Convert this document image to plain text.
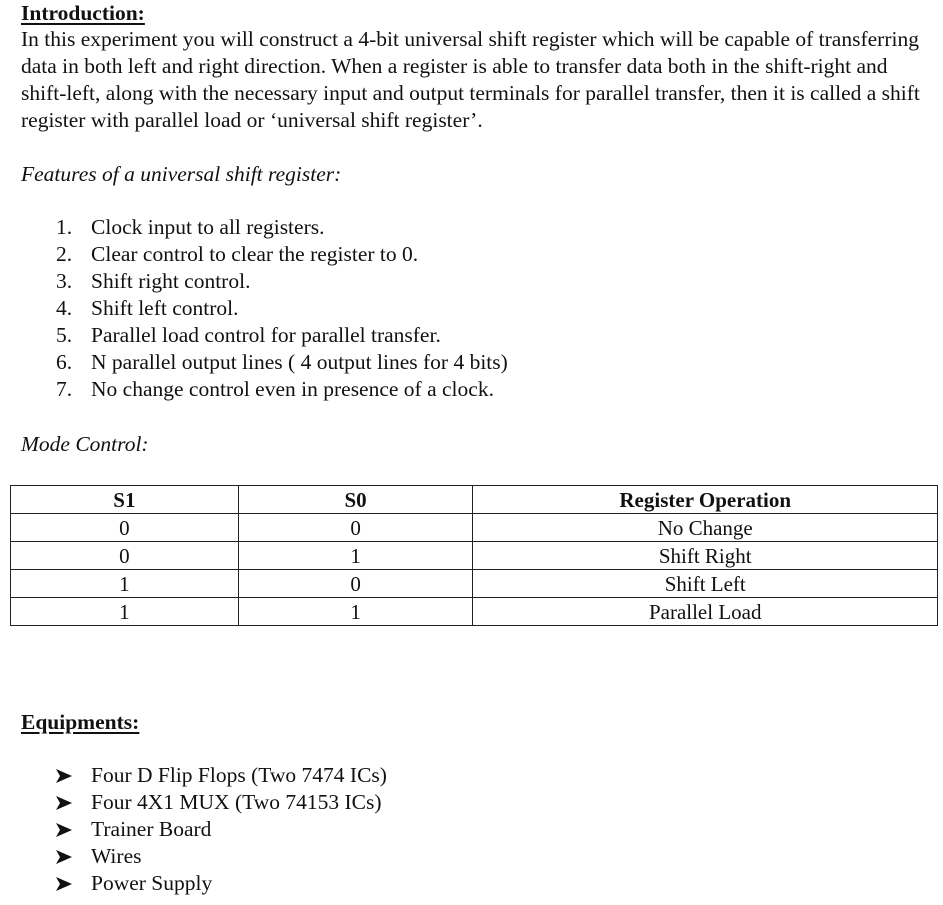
Introduction:

In this experiment you will construct a 4-bit universal shift register which will be capable of transferring data in both left and right direction. When a register is able to transfer data both in the shift-right and shift-left, along with the necessary input and output terminals for parallel transfer, then it is called a shift register with parallel load or ‘universal shift register’.

Features of a universal shift register:

1. Clock input to all registers.
2. Clear control to clear the register to 0.
3. Shift right control.
4. Shift left control.
5. Parallel load control for parallel transfer.
6. N parallel output lines ( 4 output lines for 4 bits)
7. No change control even in presence of a clock.

Mode Control:

S1	S0	Register Operation
0	0	No Change
0	1	Shift Right
1	0	Shift Left
1	1	Parallel Load
Equipments:
Four D Flip Flops (Two 7474 ICs)
Four 4X1 MUX (Two 74153 ICs)
Trainer Board
Wires
Power Supply
